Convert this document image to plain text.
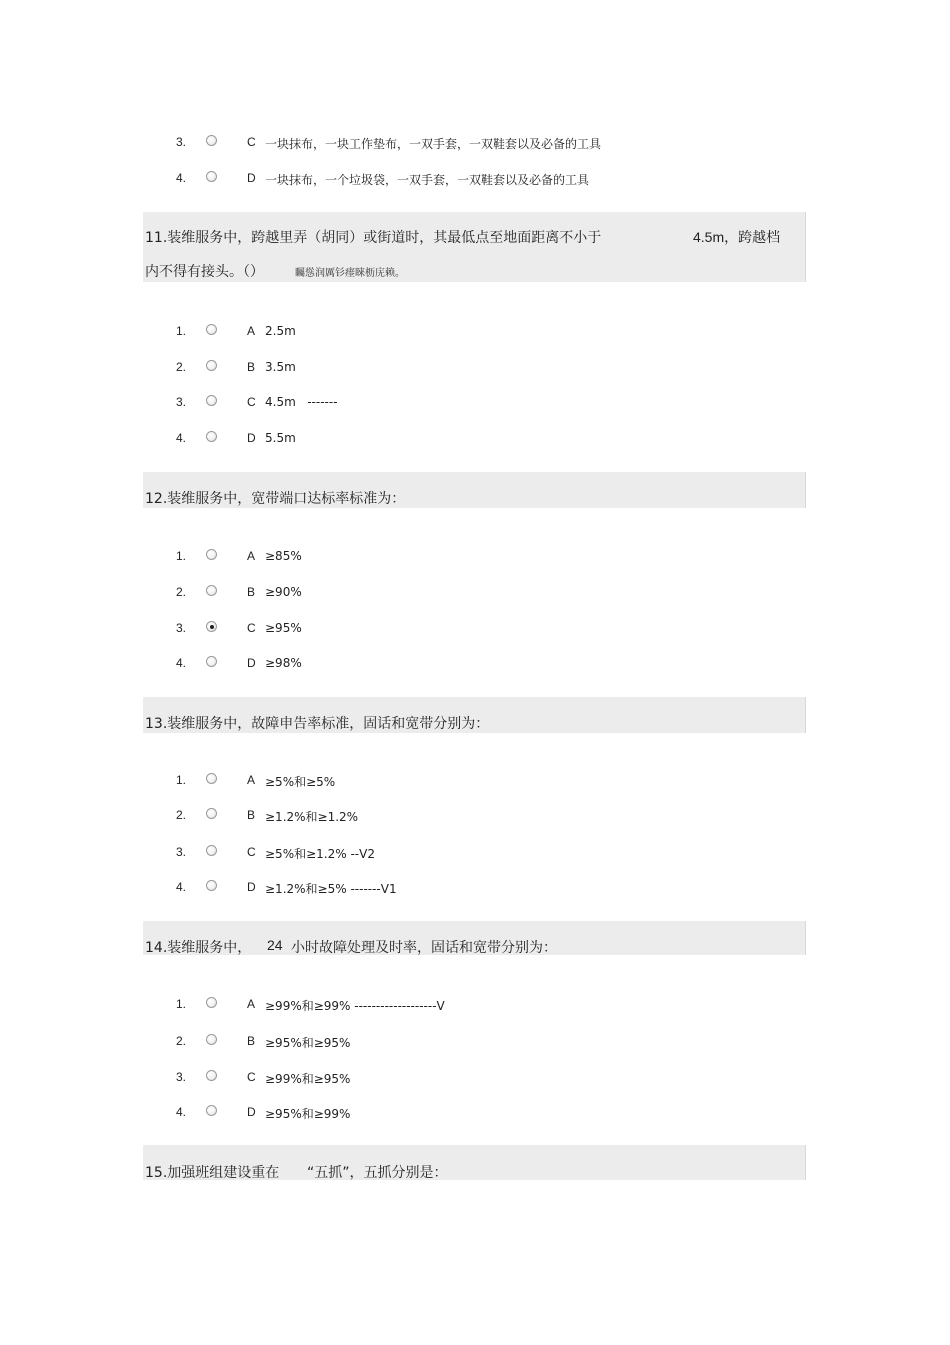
3.	C 一块抹布，一块工作垫布，一双手套，一双鞋套以及必备的工具
4.	D 一块抹布，一个垃圾袋，一双手套，一双鞋套以及必备的工具
11.装维服务中，跨越里弄（胡同）或街道时，其最低点至地面距离不小于	4.5m，跨越档
内不得有接头。（）	矚慫润厲钐瘗睞枥庑赖。
1.	A 2.5m
2.	B 3.5m
3.	C 4.5m   -------
4.	D 5.5m
12.装维服务中，宽带端口达标率标准为：
1.	A ≥85%
2.	B ≥90%
3.	C ≥95%
4.	D ≥98%
13.装维服务中，故障申告率标准，固话和宽带分别为：
1.	A ≥5%和≥5%
2.	B ≥1.2%和≥1.2%
3.	C ≥5%和≥1.2% --V2
4.	D ≥1.2%和≥5% -------V1
14.装维服务中， 24 小时故障处理及时率，固话和宽带分别为：
1.	A ≥99%和≥99% -------------------V
2.	B ≥95%和≥95%
3.	C ≥99%和≥95%
4.	D ≥95%和≥99%
15.加强班组建设重在 “五抓”，五抓分别是：
